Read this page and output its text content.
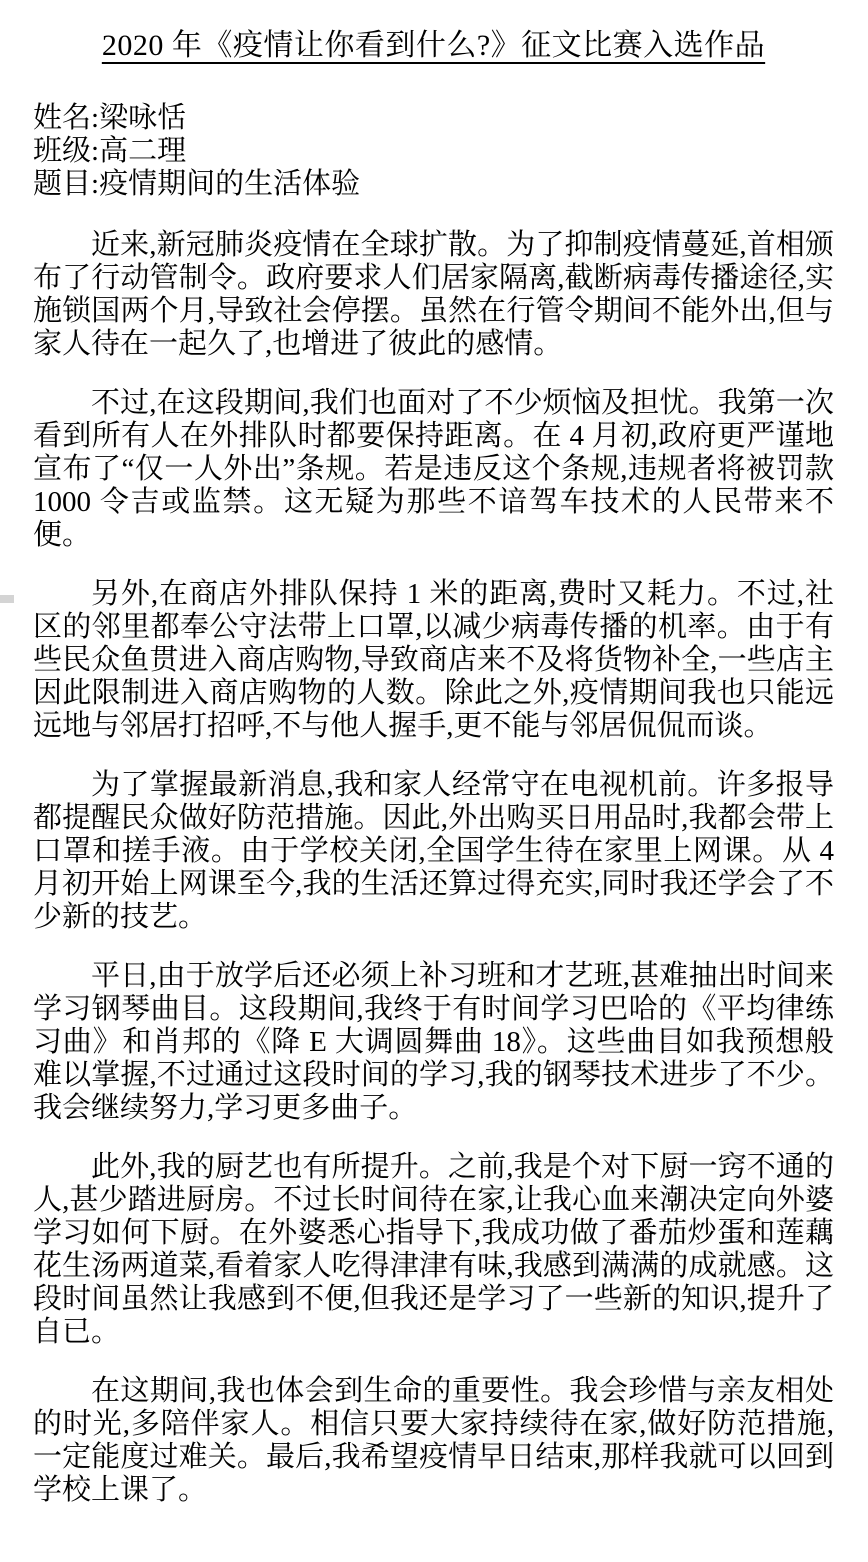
2020 年《疫情让你看到什么?》征文比赛入选作品
姓名:梁咏恬
班级:高二理
题目:疫情期间的生活体验

近来,新冠肺炎疫情在全球扩散。为了抑制疫情蔓延,首相颁布了行动管制令。政府要求人们居家隔离,截断病毒传播途径,实施锁国两个月,导致社会停摆。虽然在行管令期间不能外出,但与家人待在一起久了,也增进了彼此的感情。

不过,在这段期间,我们也面对了不少烦恼及担忧。我第一次看到所有人在外排队时都要保持距离。在 4 月初,政府更严谨地宣布了“仅一人外出”条规。若是违反这个条规,违规者将被罚款 1000 令吉或监禁。这无疑为那些不谙驾车技术的人民带来不便。

另外,在商店外排队保持 1 米的距离,费时又耗力。不过,社区的邻里都奉公守法带上口罩,以减少病毒传播的机率。由于有些民众鱼贯进入商店购物,导致商店来不及将货物补全,一些店主因此限制进入商店购物的人数。除此之外,疫情期间我也只能远远地与邻居打招呼,不与他人握手,更不能与邻居侃侃而谈。

为了掌握最新消息,我和家人经常守在电视机前。许多报导都提醒民众做好防范措施。因此,外出购买日用品时,我都会带上口罩和搓手液。由于学校关闭,全国学生待在家里上网课。从 4 月初开始上网课至今,我的生活还算过得充实,同时我还学会了不少新的技艺。

平日,由于放学后还必须上补习班和才艺班,甚难抽出时间来学习钢琴曲目。这段期间,我终于有时间学习巴哈的《平均律练习曲》和肖邦的《降 E 大调圆舞曲 18》。这些曲目如我预想般难以掌握,不过通过这段时间的学习,我的钢琴技术进步了不少。我会继续努力,学习更多曲子。

此外,我的厨艺也有所提升。之前,我是个对下厨一窍不通的人,甚少踏进厨房。不过长时间待在家,让我心血来潮决定向外婆学习如何下厨。在外婆悉心指导下,我成功做了番茄炒蛋和莲藕花生汤两道菜,看着家人吃得津津有味,我感到满满的成就感。这段时间虽然让我感到不便,但我还是学习了一些新的知识,提升了自已。

在这期间,我也体会到生命的重要性。我会珍惜与亲友相处的时光,多陪伴家人。相信只要大家持续待在家,做好防范措施,一定能度过难关。最后,我希望疫情早日结束,那样我就可以回到学校上课了。
